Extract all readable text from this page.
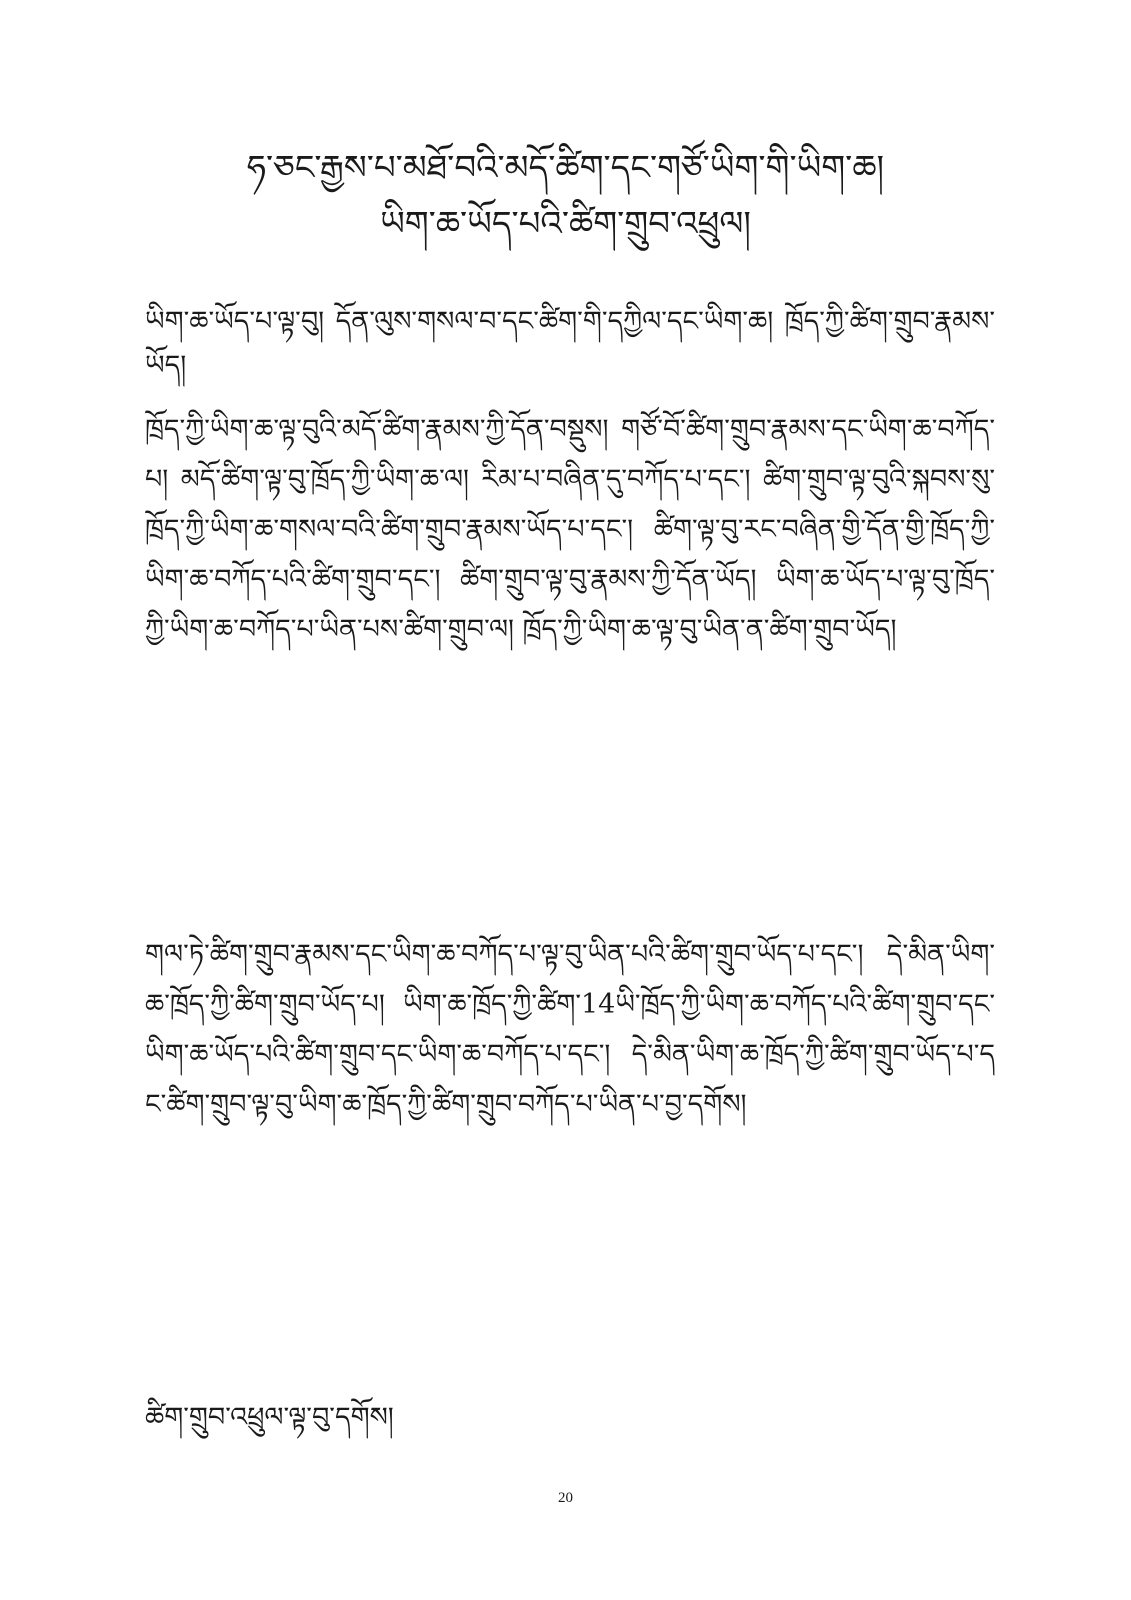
ཧ་ཅང་རྒྱས་པ་མཐོ་བའི་མདོ་ཚིག་དང་གཙོ་ཡིག་གི་ཡིག་ཆ།
ཡིག་ཆ་ཡོད་པའི་ཚིག་གྲུབ་འཕྲུལ།
ཡིག་ཆ་ཡོད་པ་ལྟ་བུ། དོན་ལུས་གསལ་བ་དང་ཚིག་གི་དཀྱིལ་དང་ཡིག་ཆ། ཁྲོད་ཀྱི་ཚིག་གྲུབ་རྣམས་ཡོད།
ཁྲོད་ཀྱི་ཡིག་ཆ་ལྟ་བུའི་མདོ་ཚིག་རྣམས་ཀྱི་དོན་བསྡུས། གཙོ་བོ་ཚིག་གྲུབ་རྣམས་དང་ཡིག་ཆ་བཀོད་པ། མདོ་ཚིག་ལྟ་བུ་ཁྲོད་ཀྱི་ཡིག་ཆ་ལ། རིམ་པ་བཞིན་དུ་བཀོད་པ་དང་། ཚིག་གྲུབ་ལྟ་བུའི་སྐབས་སུ་ཁྲོད་ཀྱི་ཡིག་ཆ་གསལ་བའི་ཚིག་གྲུབ་རྣམས་ཡོད་པ་དང་། ཚིག་ལྟ་བུ་རང་བཞིན་གྱི་དོན་གྱི་ཁྲོད་ཀྱི་ཡིག་ཆ་བཀོད་པའི་ཚིག་གྲུབ་དང་། ཚིག་གྲུབ་ལྟ་བུ་རྣམས་ཀྱི་དོན་ཡོད། ཡིག་ཆ་ཡོད་པ་ལྟ་བུ་ཁྲོད་ཀྱི་ཡིག་ཆ་བཀོད་པ་ཡིན་པས་ཚིག་གྲུབ་ལ། ཁྲོད་ཀྱི་ཡིག་ཆ་ལྟ་བུ་ཡིན་ན་ཚིག་གྲུབ་ཡོད།
གལ་ཏེ་ཚིག་གྲུབ་རྣམས་དང་ཡིག་ཆ་བཀོད་པ་ལྟ་བུ་ཡིན་པའི་ཚིག་གྲུབ་ཡོད་པ་དང་། དེ་མིན་ཡིག་ཆ་ཁྲོད་ཀྱི་ཚིག་གྲུབ་ཡོད་པ། ཡིག་ཆ་ཁྲོད་ཀྱི་ཚིག་14ཡི་ཁྲོད་ཀྱི་ཡིག་ཆ་བཀོད་པའི་ཚིག་གྲུབ་དང་ཡིག་ཆ་ཡོད་པའི་ཚིག་གྲུབ་དང་ཡིག་ཆ་བཀོད་པ་དང་། དེ་མིན་ཡིག་ཆ་ཁྲོད་ཀྱི་ཚིག་གྲུབ་ཡོད་པ་དང་ཚིག་གྲུབ་ལྟ་བུ་ཡིག་ཆ་ཁྲོད་ཀྱི་ཚིག་གྲུབ་བཀོད་པ་ཡིན་པ་བྱ་དགོས།
ཚིག་གྲུབ་འཕྲུལ་ལྟ་བུ་དགོས།
20
